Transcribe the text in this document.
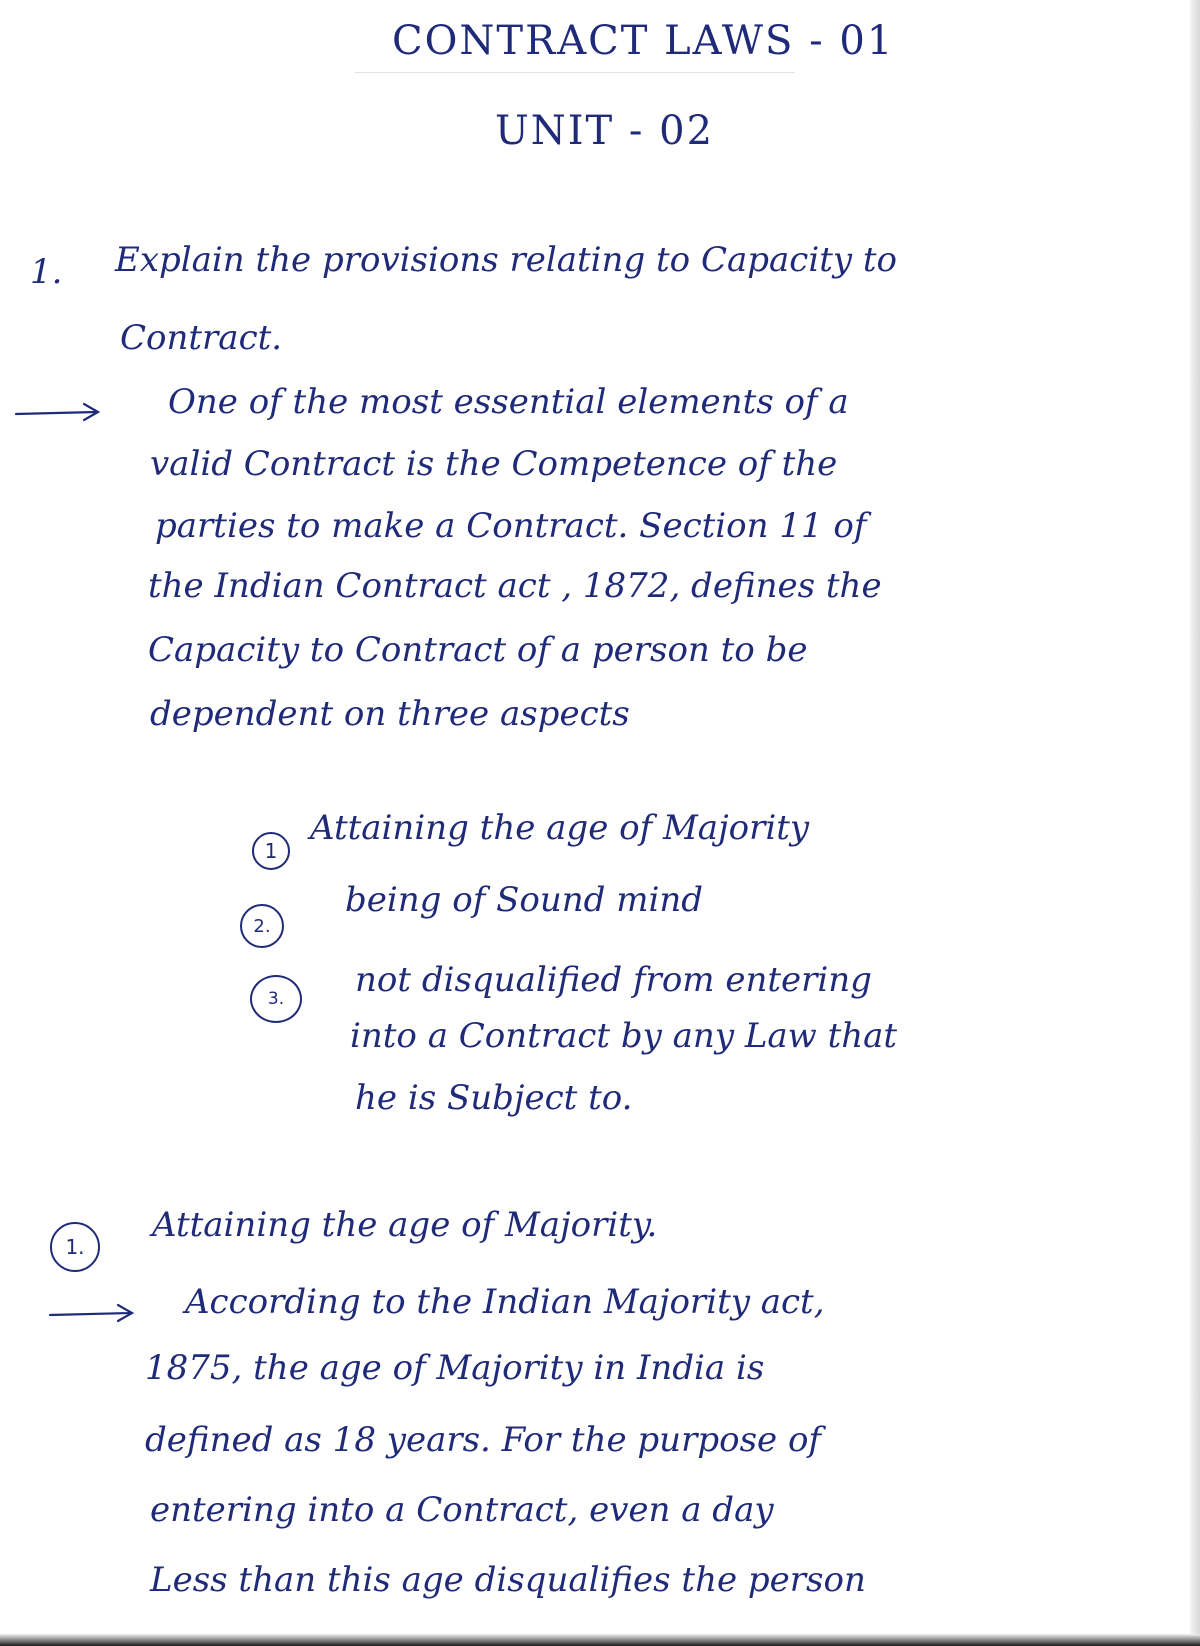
CONTRACT LAWS - 01
UNIT - 02
1. Explain the provisions relating to Capacity to
Contract.
One of the most essential elements of a
valid Contract is the Competence of the
parties to make a Contract. Section 11 of
the Indian Contract act , 1872, defines the
Capacity to Contract of a person to be
dependent on three aspects
1
Attaining the age of Majority
2.
being of Sound mind
3.	not disqualified from entering
into a Contract by any Law that
he is Subject to.
1.
Attaining the age of Majority.
According to the Indian Majority act,
1875, the age of Majority in India is
defined as 18 years. For the purpose of
entering into a Contract, even a day
Less than this age disqualifies the person
